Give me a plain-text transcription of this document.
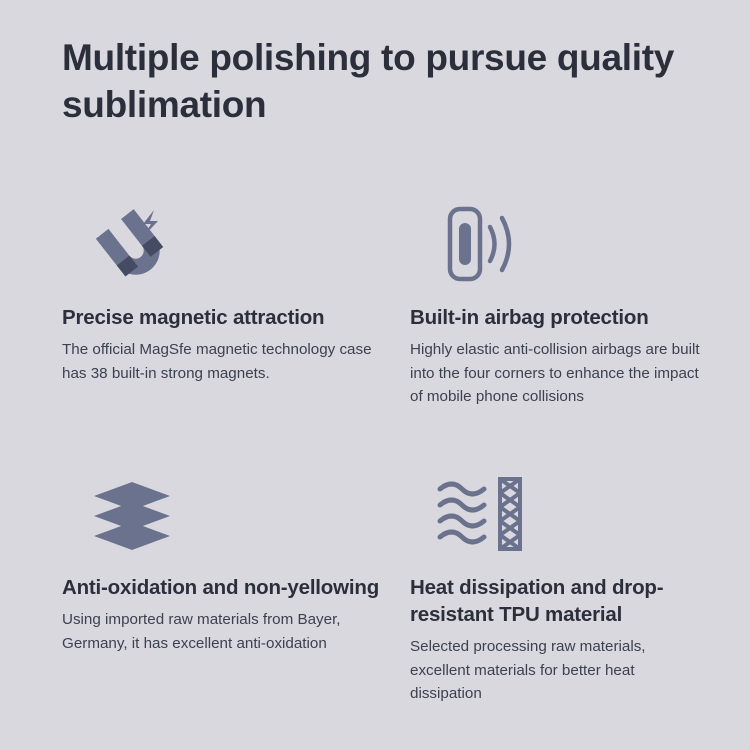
Multiple polishing to pursue quality sublimation
Precise magnetic attraction

The official MagSfe magnetic technology case has 38 built-in strong magnets.

Built-in airbag protection

Highly elastic anti-collision airbags are built into the four corners to enhance the impact of mobile phone collisions

Anti-oxidation and non-yellowing

Using imported raw materials from Bayer, Germany, it has excellent anti-oxidation

Heat dissipation and drop-resistant TPU material

Selected processing raw materials, excellent materials for better heat dissipation
